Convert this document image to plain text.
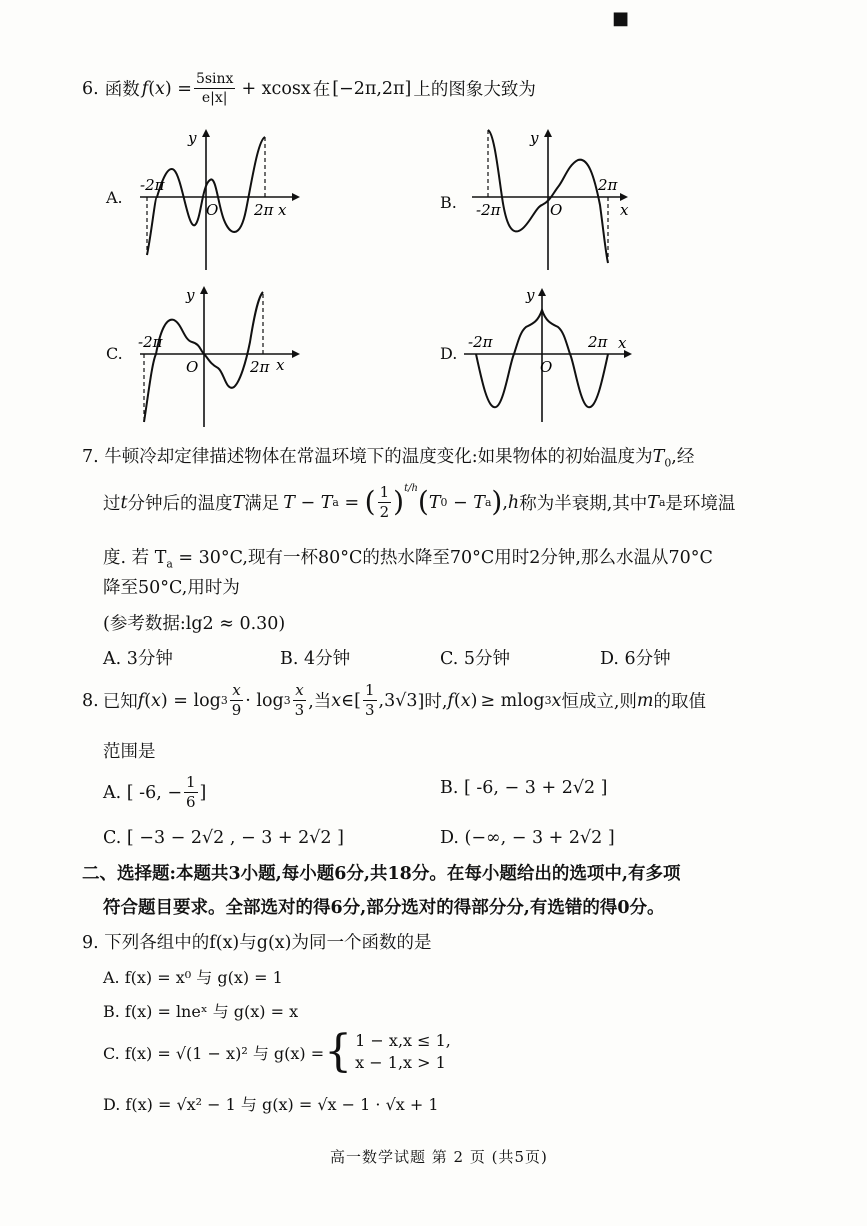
■
6. 函数 f ( x ) = $\frac{5\sin x}{e|x|} + xcosx$ 在 [−2π,2π] 上的图象大致为
-2π
2π
O	x
y
A.
-2π
2π
O	x
y
B.
-2π
2π
O	x
y
C.
-2π	2π
O
x
y
D.
7. 牛顿冷却定律描述物体在常温环境下的温度变化:如果物体的初始温度为$T_0$,经
过 t 分钟后的温度 T 满足 T − T a = ( $\frac{1}{2} )^{t/h}$ ( T 0 − T a ) , h 称为半衰期,其中 T a 是环境温
度. 若 $T_a = 30^\circ C$,现有一杯80°C的热水降至70°C用时2分钟,那么水温从70°C
降至50°C,用时为
(参考数据:lg2 ≈ 0.30)
A. 3分钟	B. 4分钟	C. 5分钟	D. 6分钟
8. 已知 f ( x ) = $\log 3 \frac{x}{9} \cdot \log 3 \frac{x}{3}$ ,当 x ∈[ $\frac{1}{3}$ , 3√3 ]时, f ( x ) ≥ mlog 3 x 恒成立,则 m 的取值
范围是
A. [ -6, − $\frac{1}{6}$ ]	B. [ -6, − 3 + 2√2 ]
C. [ −3 − 2√2 , − 3 + 2√2 ]	D. (−∞, − 3 + 2√2 ]
二、选择题:本题共3小题,每小题6分,共18分。在每小题给出的选项中,有多项
符合题目要求。全部选对的得6分,部分选对的得部分分,有选错的得0分。
9. 下列各组中的f(x)与g(x)为同一个函数的是
A. f(x) = x⁰ 与 g(x) = 1
B. f(x) = lneˣ 与 g(x) = x
C. f(x) = √(1 − x)² 与 g(x) = { 1 − x,x ≤ 1,
x − 1,x > 1
D. f(x) = √x² − 1 与 g(x) = √x − 1 · √x + 1
高一数学试题 第 2 页 (共5页)
